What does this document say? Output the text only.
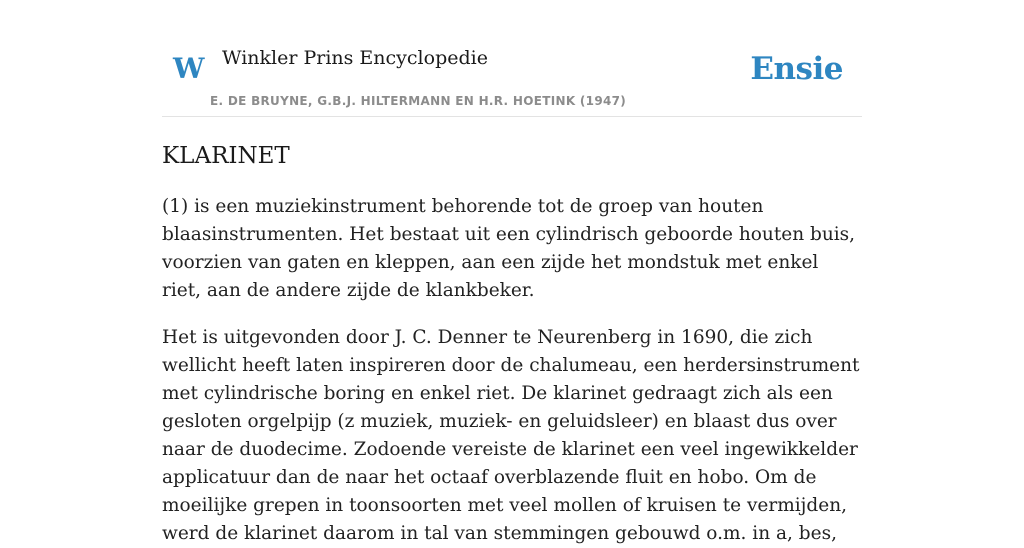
W Winkler Prins Encyclopedie
E. DE BRUYNE, G.B.J. HILTERMANN EN H.R. HOETINK (1947)
Ensie
KLARINET

(1) is een muziekinstrument behorende tot de groep van houten blaasinstrumenten. Het bestaat uit een cylindrisch geboorde houten buis, voorzien van gaten en kleppen, aan een zijde het mondstuk met enkel riet, aan de andere zijde de klankbeker.

Het is uitgevonden door J. C. Denner te Neurenberg in 1690, die zich wellicht heeft laten inspireren door de chalumeau, een herdersinstrument met cylindrische boring en enkel riet. De klarinet gedraagt zich als een gesloten orgelpijp (z muziek, muziek- en geluidsleer) en blaast dus over naar de duodecime. Zodoende vereiste de klarinet een veel ingewikkelder applicatuur dan de naar het octaaf overblazende fluit en hobo. Om de moeilijke grepen in toonsoorten met veel mollen of kruisen te vermijden, werd de klarinet daarom in tal van stemmingen gebouwd o.m. in a, bes,
